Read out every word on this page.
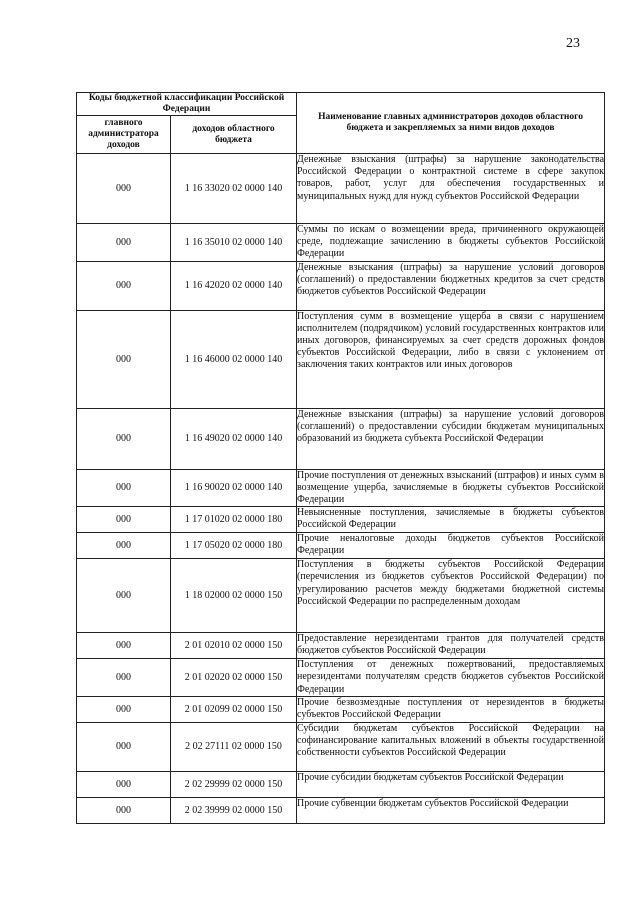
23
Коды бюджетной классификации Российской Федерации		Наименование главных администраторов доходов областного бюджета и закрепляемых за ними видов доходов
главного администратора доходов	доходов областного бюджета	
000	1 16 33020 02 0000 140	Денежные взыскания (штрафы) за нарушение законодательства Российской Федерации о контрактной системе в сфере закупок товаров, работ, услуг для обеспечения государственных и муниципальных нужд для нужд субъектов Российской Федерации
000	1 16 35010 02 0000 140	Суммы по искам о возмещении вреда, причиненного окружающей среде, подлежащие зачислению в бюджеты субъектов Российской Федерации
000	1 16 42020 02 0000 140	Денежные взыскания (штрафы) за нарушение условий договоров (соглашений) о предоставлении бюджетных кредитов за счет средств бюджетов субъектов Российской Федерации
000	1 16 46000 02 0000 140	Поступления сумм в возмещение ущерба в связи с нарушением исполнителем (подрядчиком) условий государственных контрактов или иных договоров, финансируемых за счет средств дорожных фондов субъектов Российской Федерации, либо в связи с уклонением от заключения таких контрактов или иных договоров
000	1 16 49020 02 0000 140	Денежные взыскания (штрафы) за нарушение условий договоров (соглашений) о предоставлении субсидии бюджетам муниципальных образований из бюджета субъекта Российской Федерации
000	1 16 90020 02 0000 140	Прочие поступления от денежных взысканий (штрафов) и иных сумм в возмещение ущерба, зачисляемые в бюджеты субъектов Российской Федерации
000	1 17 01020 02 0000 180	Невыясненные поступления, зачисляемые в бюджеты субъектов Российской Федерации
000	1 17 05020 02 0000 180	Прочие неналоговые доходы бюджетов субъектов Российской Федерации
000	1 18 02000 02 0000 150	Поступления в бюджеты субъектов Российской Федерации (перечисления из бюджетов субъектов Российской Федерации) по урегулированию расчетов между бюджетами бюджетной системы Российской Федерации по распределенным доходам
000	2 01 02010 02 0000 150	Предоставление нерезидентами грантов для получателей средств бюджетов субъектов Российской Федерации
000	2 01 02020 02 0000 150	Поступления от денежных пожертвований, предоставляемых нерезидентами получателям средств бюджетов субъектов Российской Федерации
000	2 01 02099 02 0000 150	Прочие безвозмездные поступления от нерезидентов в бюджеты субъектов Российской Федерации
000	2 02 27111 02 0000 150	Субсидии бюджетам субъектов Российской Федерации на софинансирование капитальных вложений в объекты государственной собственности субъектов Российской Федерации
000	2 02 29999 02 0000 150	Прочие субсидии бюджетам субъектов Российской Федерации
000	2 02 39999 02 0000 150	Прочие субвенции бюджетам субъектов Российской Федерации
